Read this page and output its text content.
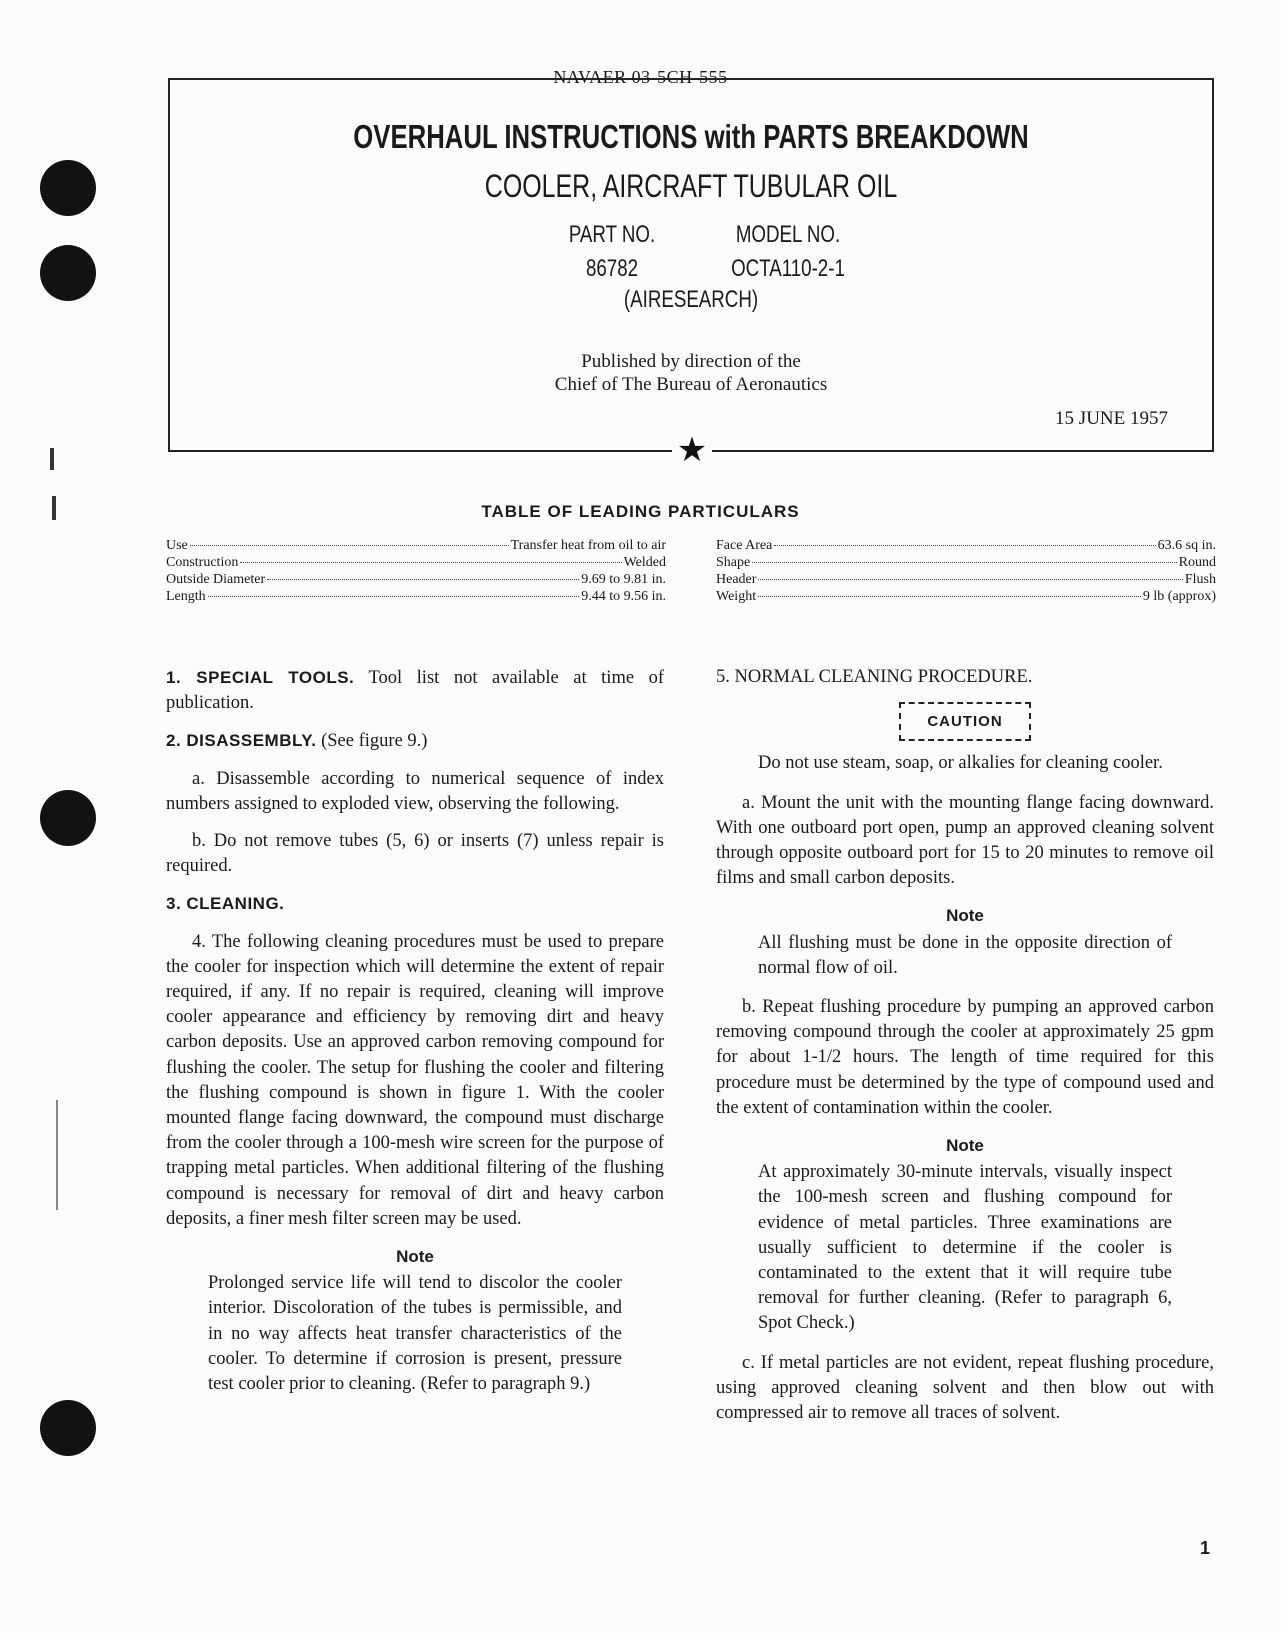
NAVAER 03-5CH-555
★
OVERHAUL INSTRUCTIONS with PARTS BREAKDOWN
COOLER, AIRCRAFT TUBULAR OIL
PART NO.
86782
MODEL NO.
OCTA110-2-1
(AIRESEARCH)
Published by direction of the
Chief of The Bureau of Aeronautics
15 JUNE 1957
TABLE OF LEADING PARTICULARS
Use	Transfer heat from oil to air
Construction	Welded
Outside Diameter	9.69 to 9.81 in.
Length	9.44 to 9.56 in.
Face Area	63.6 sq in.
Shape	Round
Header	Flush
Weight	9 lb (approx)

1. SPECIAL TOOLS. Tool list not available at time of publication.

2. DISASSEMBLY. (See figure 9.)

a. Disassemble according to numerical sequence of index numbers assigned to exploded view, observing the following.

b. Do not remove tubes (5, 6) or inserts (7) unless repair is required.

3. CLEANING.

4. The following cleaning procedures must be used to prepare the cooler for inspection which will determine the extent of repair required, if any. If no repair is required, cleaning will improve cooler appearance and efficiency by removing dirt and heavy carbon deposits. Use an approved carbon removing compound for flushing the cooler. The setup for flushing the cooler and filtering the flushing compound is shown in figure 1. With the cooler mounted flange facing downward, the compound must discharge from the cooler through a 100-mesh wire screen for the purpose of trapping metal particles. When additional filtering of the flushing compound is necessary for removal of dirt and heavy carbon deposits, a finer mesh filter screen may be used.

Note
Prolonged service life will tend to discolor the cooler interior. Discoloration of the tubes is permissible, and in no way affects heat transfer characteristics of the cooler. To determine if corrosion is present, pressure test cooler prior to cleaning. (Refer to paragraph 9.)

5. NORMAL CLEANING PROCEDURE.

CAUTION
Do not use steam, soap, or alkalies for cleaning cooler.

a. Mount the unit with the mounting flange facing downward. With one outboard port open, pump an approved cleaning solvent through opposite outboard port for 15 to 20 minutes to remove oil films and small carbon deposits.

Note
All flushing must be done in the opposite direction of normal flow of oil.

b. Repeat flushing procedure by pumping an approved carbon removing compound through the cooler at approximately 25 gpm for about 1-1/2 hours. The length of time required for this procedure must be determined by the type of compound used and the extent of contamination within the cooler.

Note
At approximately 30-minute intervals, visually inspect the 100-mesh screen and flushing compound for evidence of metal particles. Three examinations are usually sufficient to determine if the cooler is contaminated to the extent that it will require tube removal for further cleaning. (Refer to paragraph 6, Spot Check.)

c. If metal particles are not evident, repeat flushing procedure, using approved cleaning solvent and then blow out with compressed air to remove all traces of solvent.

1
